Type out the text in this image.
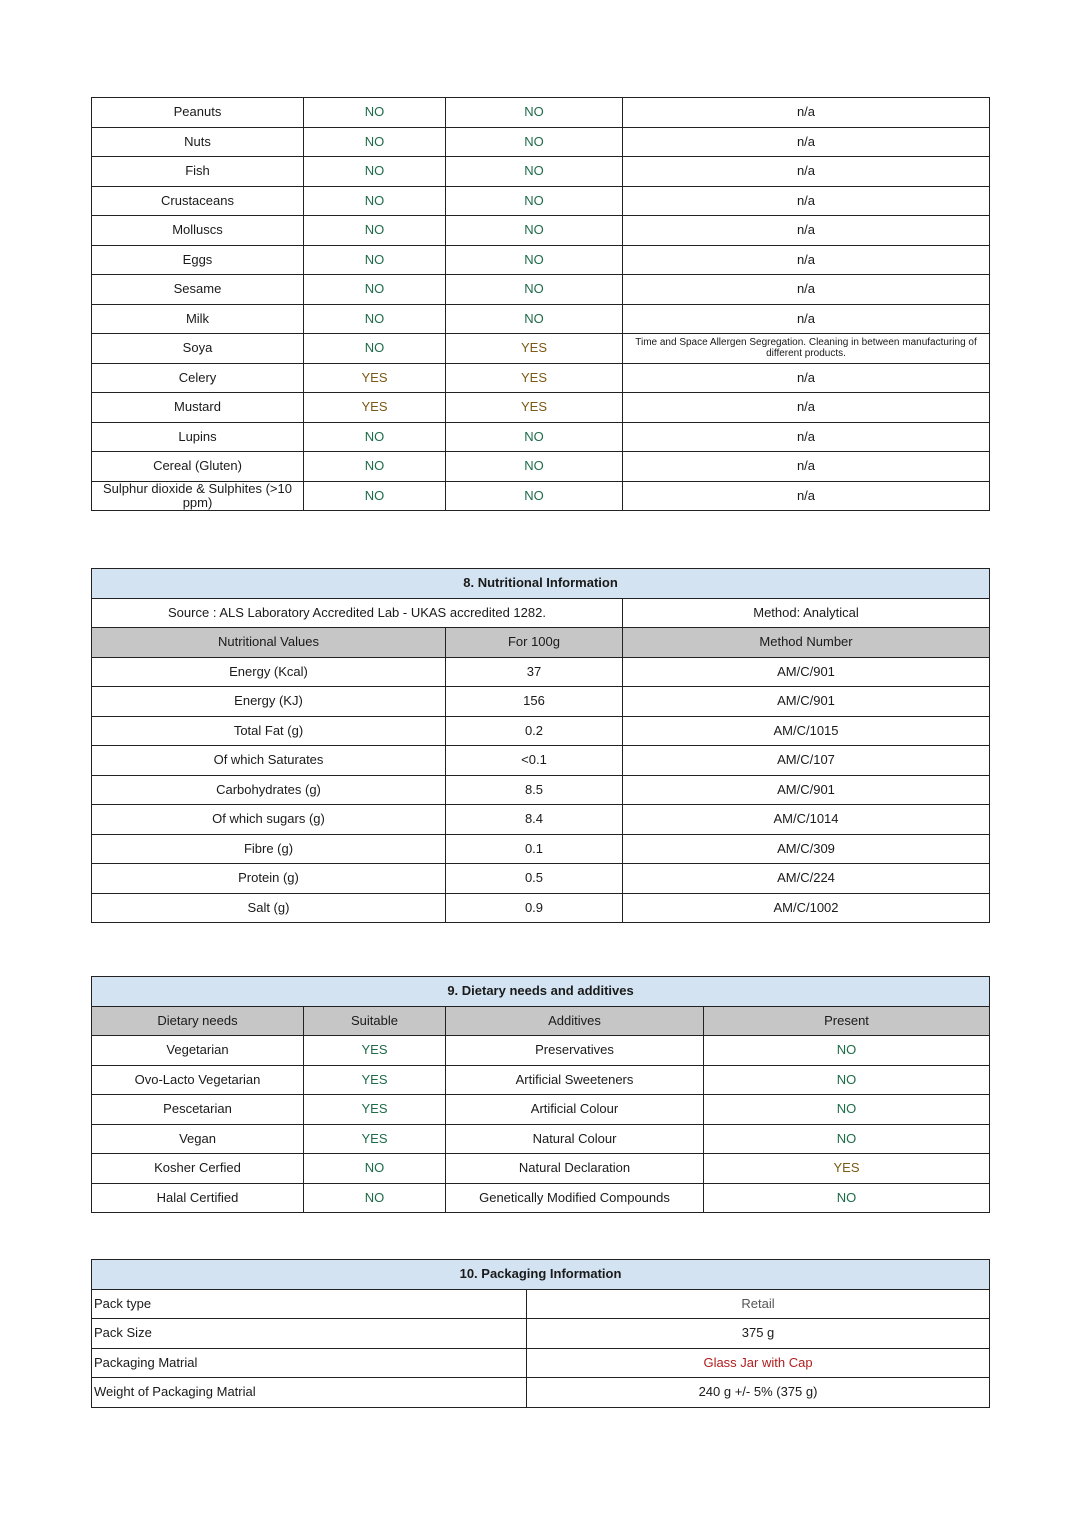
Peanuts	NO	NO	n/a
Nuts	NO	NO	n/a
Fish	NO	NO	n/a
Crustaceans	NO	NO	n/a
Molluscs	NO	NO	n/a
Eggs	NO	NO	n/a
Sesame	NO	NO	n/a
Milk	NO	NO	n/a
Soya	NO	YES	Time and Space Allergen Segregation. Cleaning in between manufacturing of different products.
Celery	YES	YES	n/a
Mustard	YES	YES	n/a
Lupins	NO	NO	n/a
Cereal (Gluten)	NO	NO	n/a
Sulphur dioxide & Sulphites (>10 ppm)	NO	NO	n/a
8. Nutritional Information		
Source : ALS Laboratory Accredited Lab - UKAS accredited 1282.		Method: Analytical
Nutritional Values	For 100g	Method Number
Energy (Kcal)	37	AM/C/901
Energy (KJ)	156	AM/C/901
Total Fat (g)	0.2	AM/C/1015
Of which Saturates	<0.1	AM/C/107
Carbohydrates (g)	8.5	AM/C/901
Of which sugars (g)	8.4	AM/C/1014
Fibre (g)	0.1	AM/C/309
Protein (g)	0.5	AM/C/224
Salt (g)	0.9	AM/C/1002
9. Dietary needs and additives			
Dietary needs	Suitable	Additives	Present
Vegetarian	YES	Preservatives	NO
Ovo-Lacto Vegetarian	YES	Artificial Sweeteners	NO
Pescetarian	YES	Artificial Colour	NO
Vegan	YES	Natural Colour	NO
Kosher Cerfied	NO	Natural Declaration	YES
Halal Certified	NO	Genetically Modified Compounds	NO
10. Packaging Information	
Pack type	Retail
Pack Size	375 g
Packaging Matrial	Glass Jar with Cap
Weight of Packaging Matrial	240 g +/- 5% (375 g)
